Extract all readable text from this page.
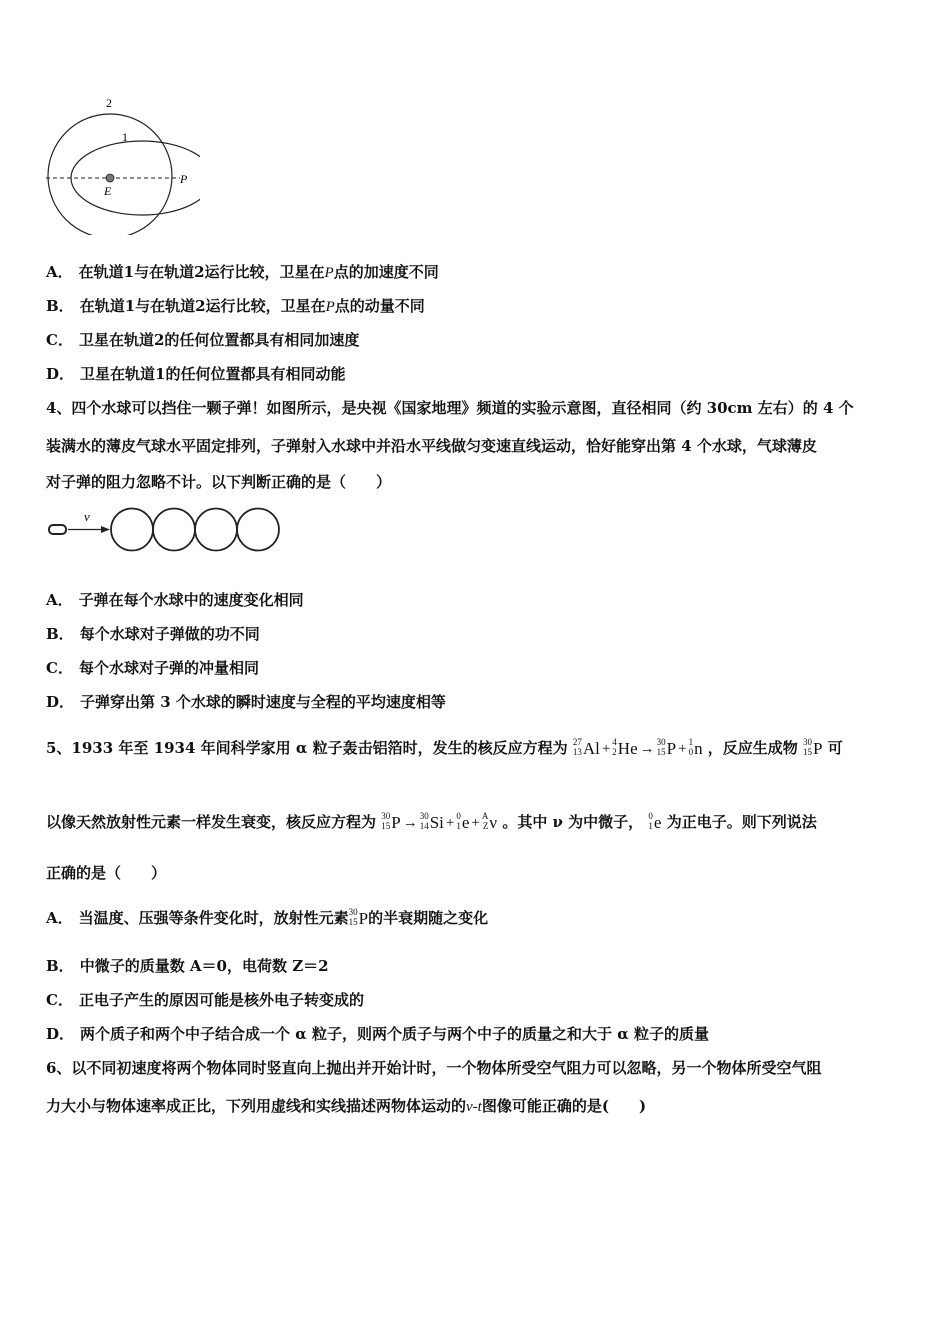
2
1
E
P
A． 在轨道1与在轨道2运行比较，卫星在P点的加速度不同
B． 在轨道1与在轨道2运行比较，卫星在P点的动量不同
C． 卫星在轨道2的任何位置都具有相同加速度
D． 卫星在轨道1的任何位置都具有相同动能
4、四个水球可以挡住一颗子弹！如图所示，是央视《国家地理》频道的实验示意图，直径相同（约 30cm 左右）的 4 个
装满水的薄皮气球水平固定排列，子弹射入水球中并沿水平线做匀变速直线运动，恰好能穿出第 4 个水球，气球薄皮
对子弹的阻力忽略不计。以下判断正确的是（　　）
v
A． 子弹在每个水球中的速度变化相同
B． 每个水球对子弹做的功不同
C． 每个水球对子弹的冲量相同
D． 子弹穿出第 3 个水球的瞬时速度与全程的平均速度相等
5、1933 年至 1934 年间科学家用 α 粒子轰击铝箔时，发生的核反应方程为 27
13 Al + 4
2 He → 30
15 P + 1
0 n ，反应生成物 30
15 P 可
以像天然放射性元素一样发生衰变，核反应方程为 30
15 P → 30
14 Si + 0
1 e + A
Z ν 。其中 ν 为中微子， 0
1 e 为正电子。则下列说法
正确的是（　　）
A． 当温度、压强等条件变化时，放射性元素 30
15 P 的半衰期随之变化
B． 中微子的质量数 A＝0，电荷数 Z＝2
C． 正电子产生的原因可能是核外电子转变成的
D． 两个质子和两个中子结合成一个 α 粒子，则两个质子与两个中子的质量之和大于 α 粒子的质量
6、以不同初速度将两个物体同时竖直向上抛出并开始计时，一个物体所受空气阻力可以忽略，另一个物体所受空气阻
力大小与物体速率成正比，下列用虚线和实线描述两物体运动的v-t图像可能正确的是(　　)
